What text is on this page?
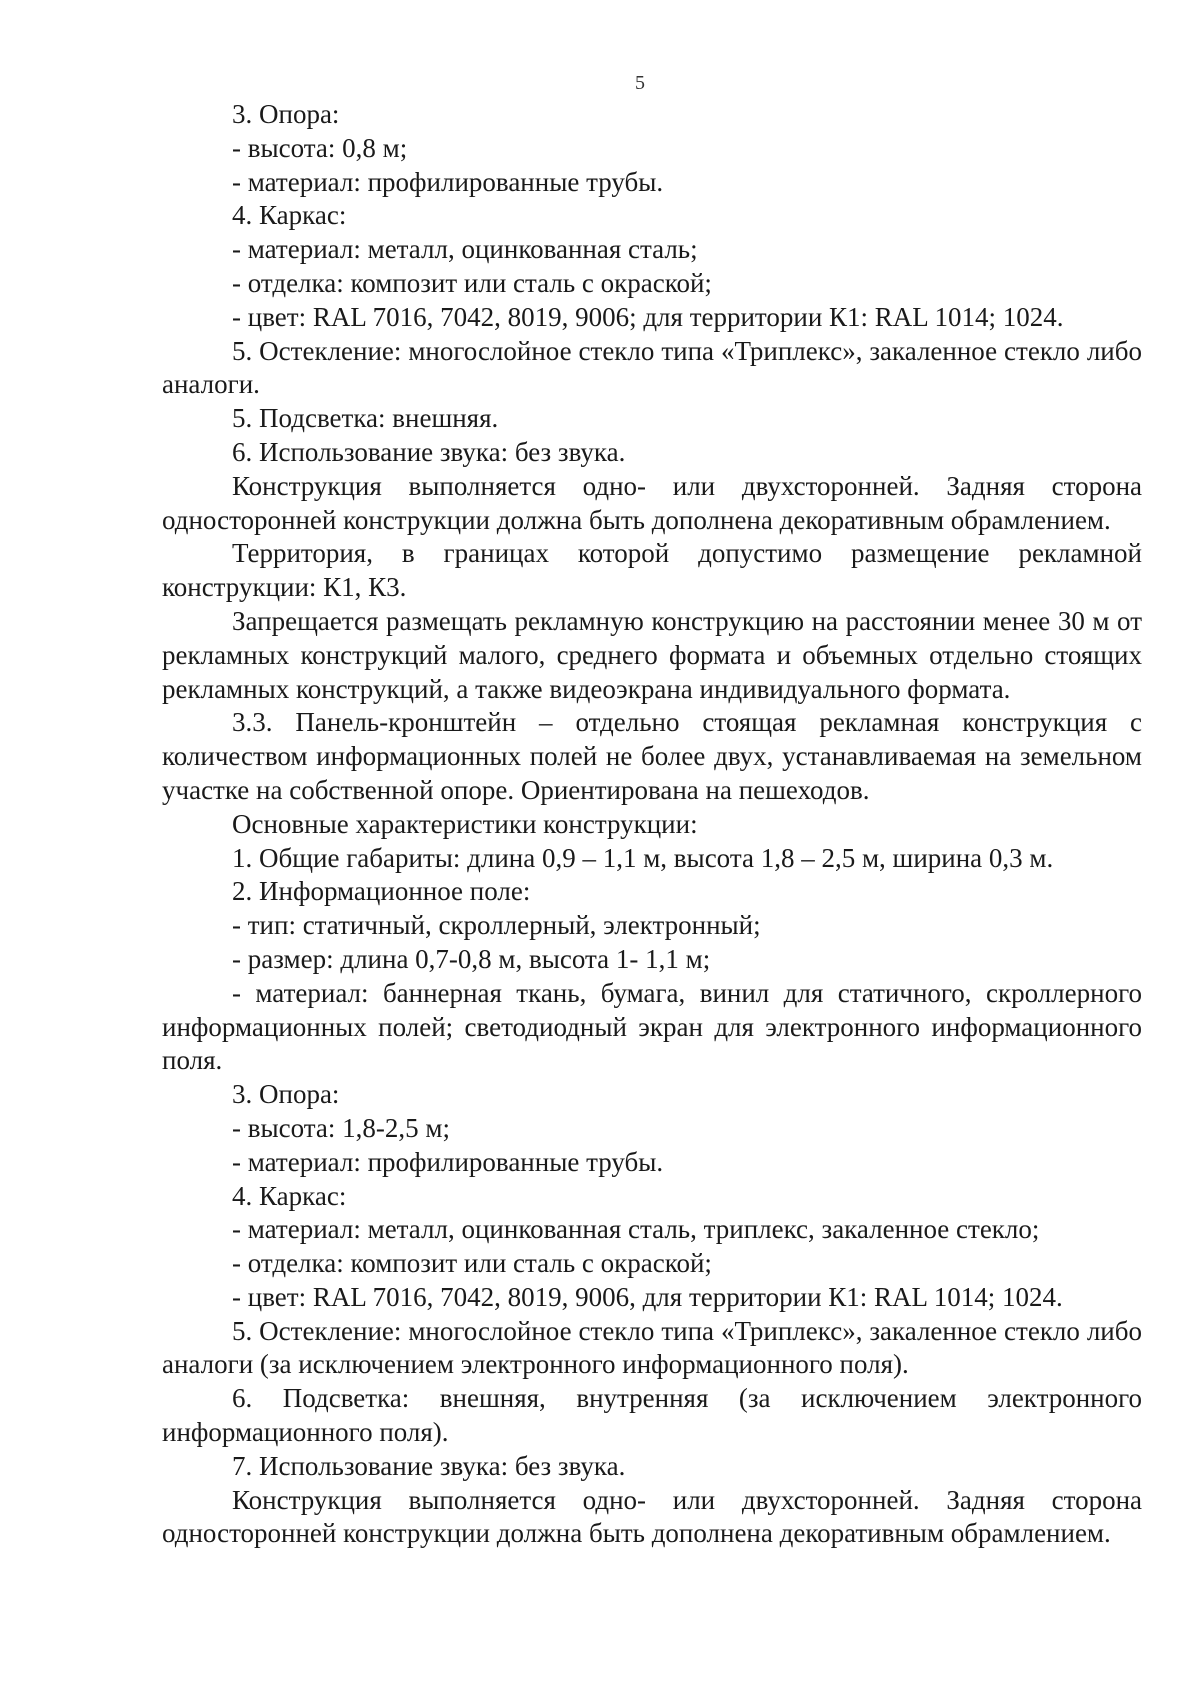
5

3. Опора:

- высота: 0,8 м;

- материал: профилированные трубы.

4. Каркас:

- материал: металл, оцинкованная сталь;

- отделка: композит или сталь с окраской;

- цвет: RAL 7016, 7042, 8019, 9006; для территории К1: RAL 1014; 1024.

5. Остекление: многослойное стекло типа «Триплекс», закаленное стекло либо аналоги.

5. Подсветка: внешняя.

6. Использование звука: без звука.

Конструкция выполняется одно- или двухсторонней. Задняя сторона односторонней конструкции должна быть дополнена декоративным обрамлением.

Территория, в границах которой допустимо размещение рекламной конструкции: К1, К3.

Запрещается размещать рекламную конструкцию на расстоянии менее 30 м от рекламных конструкций малого, среднего формата и объемных отдельно стоящих рекламных конструкций, а также видеоэкрана индивидуального формата.

3.3. Панель-кронштейн – отдельно стоящая рекламная конструкция с количеством информационных полей не более двух, устанавливаемая на земельном участке на собственной опоре. Ориентирована на пешеходов.

Основные характеристики конструкции:

1. Общие габариты: длина 0,9 – 1,1 м, высота 1,8 – 2,5 м, ширина 0,3 м.

2. Информационное поле:

- тип: статичный, скроллерный, электронный;

- размер: длина 0,7-0,8 м, высота 1- 1,1 м;

- материал: баннерная ткань, бумага, винил для статичного, скроллерного информационных полей; светодиодный экран для электронного информационного поля.

3. Опора:

- высота: 1,8-2,5 м;

- материал: профилированные трубы.

4. Каркас:

- материал: металл, оцинкованная сталь, триплекс, закаленное стекло;

- отделка: композит или сталь с окраской;

- цвет: RAL 7016, 7042, 8019, 9006, для территории К1: RAL 1014; 1024.

5. Остекление: многослойное стекло типа «Триплекс», закаленное стекло либо аналоги (за исключением электронного информационного поля).

6. Подсветка: внешняя, внутренняя (за исключением электронного информационного поля).

7. Использование звука: без звука.

Конструкция выполняется одно- или двухсторонней. Задняя сторона односторонней конструкции должна быть дополнена декоративным обрамлением.
